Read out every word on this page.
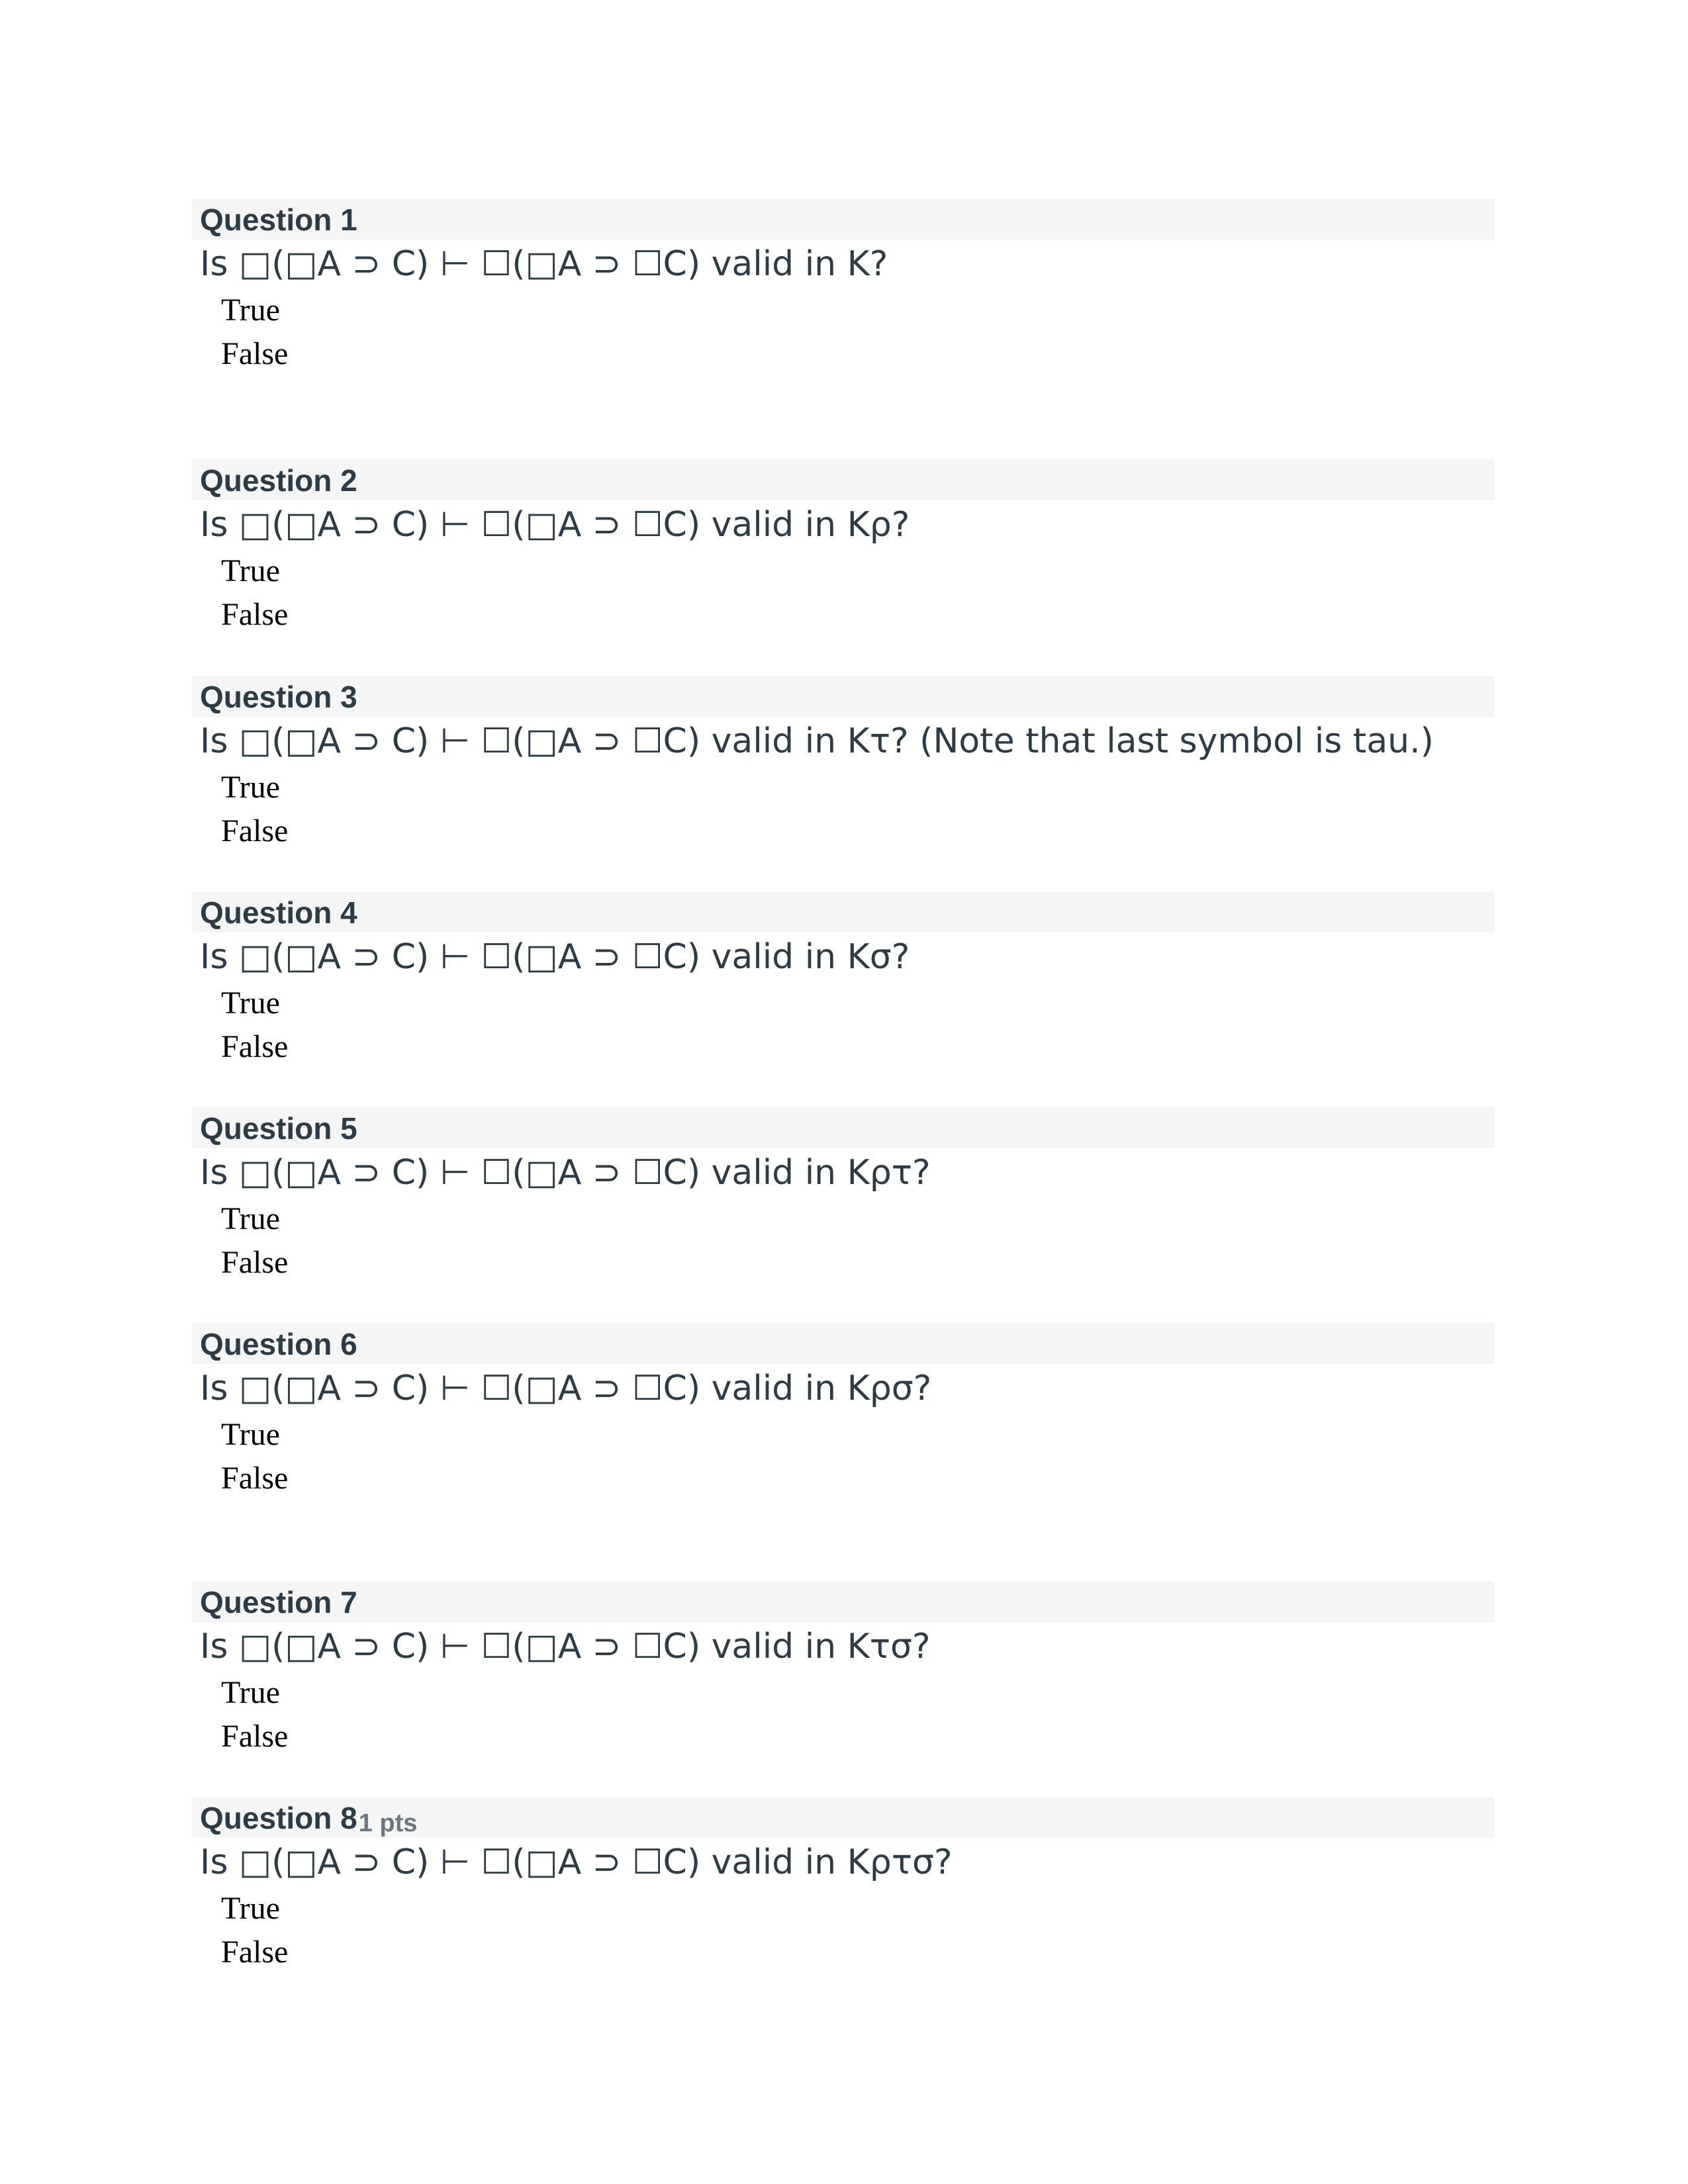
Question 1
Is □(□A ⊃ C) ⊢ ☐(□A ⊃ ☐C) valid in K?
True
False
Question 2
Is □(□A ⊃ C) ⊢ ☐(□A ⊃ ☐C) valid in Kρ?
True
False
Question 3
Is □(□A ⊃ C) ⊢ ☐(□A ⊃ ☐C) valid in Kτ? (Note that last symbol is tau.)
True
False
Question 4
Is □(□A ⊃ C) ⊢ ☐(□A ⊃ ☐C) valid in Kσ?
True
False
Question 5
Is □(□A ⊃ C) ⊢ ☐(□A ⊃ ☐C) valid in Kρτ?
True
False
Question 6
Is □(□A ⊃ C) ⊢ ☐(□A ⊃ ☐C) valid in Kρσ?
True
False
Question 7
Is □(□A ⊃ C) ⊢ ☐(□A ⊃ ☐C) valid in Kτσ?
True
False
Question 8 1 pts
Is □(□A ⊃ C) ⊢ ☐(□A ⊃ ☐C) valid in Kρτσ?
True
False
